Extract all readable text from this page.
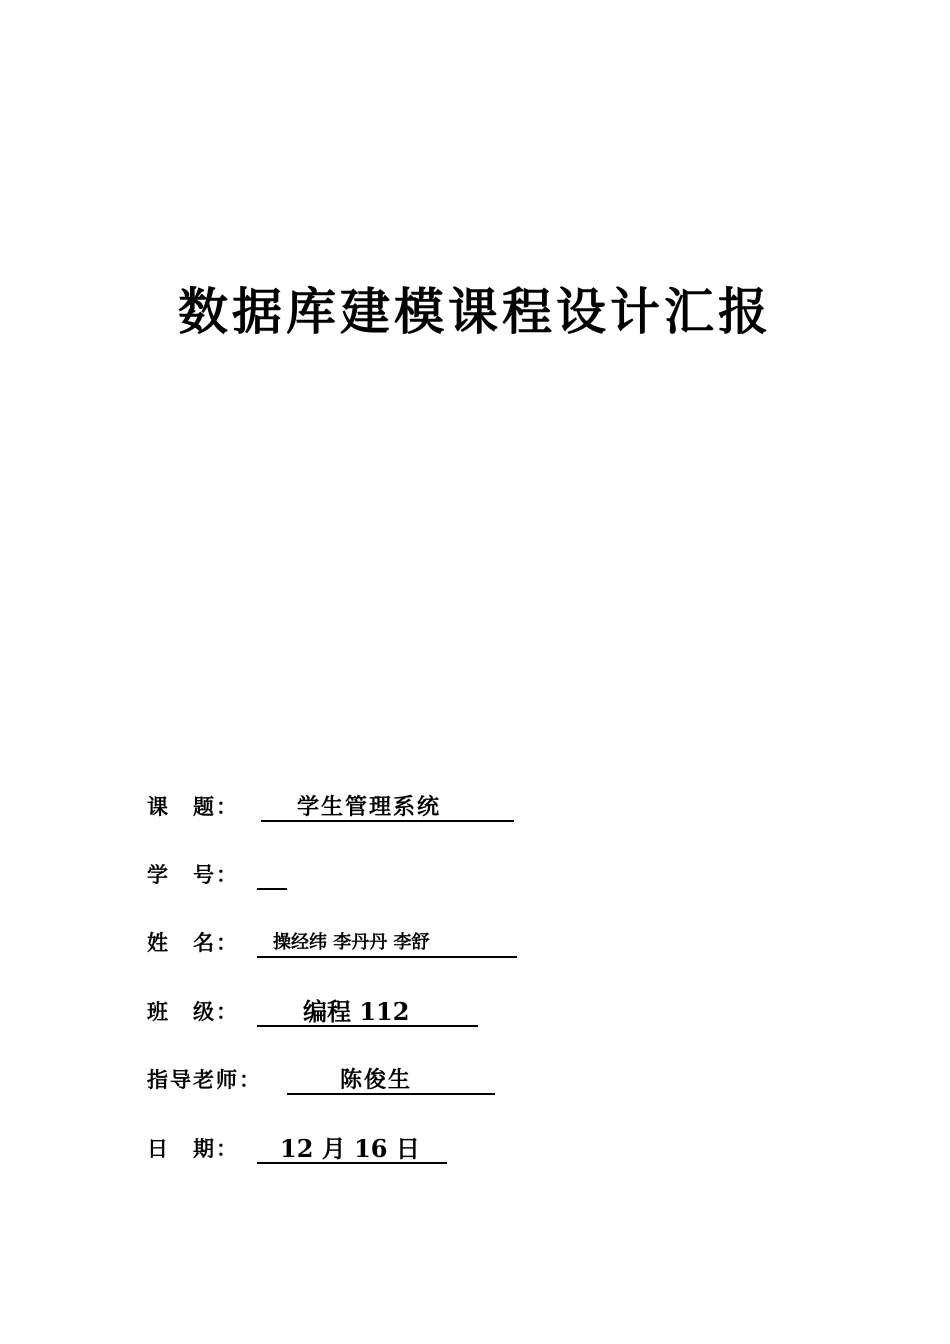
数据库建模课程设计汇报
课　题：	学生管理系统
学　号：
姓　名： 操经纬 李丹丹 李舒
班　级：	编程 112
指导老师：	陈俊生
日　期： 12 月 16 日
